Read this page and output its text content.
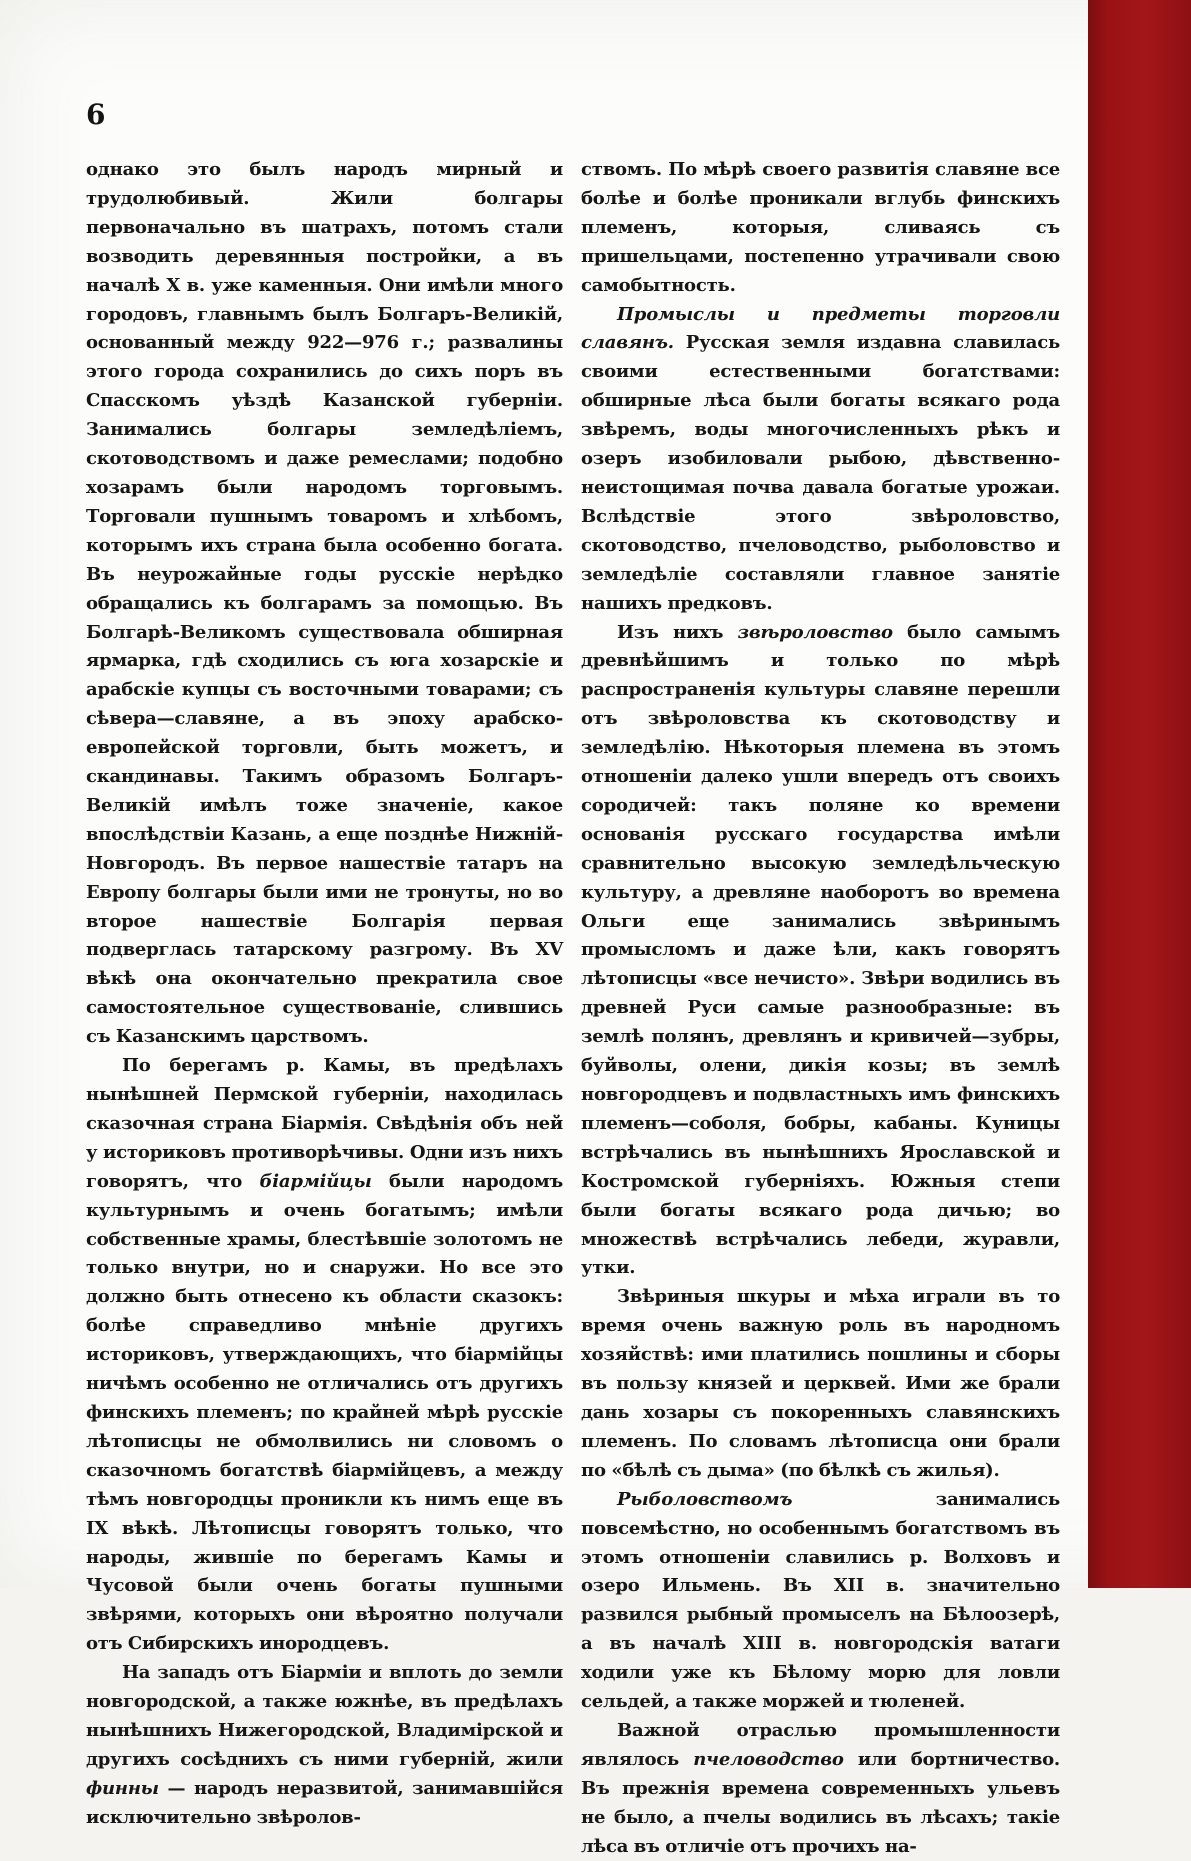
6

однако это былъ народъ мирный и трудолюбивый. Жили болгары первоначально въ шатрахъ, потомъ стали возводить деревянныя постройки, а въ началѣ X в. уже каменныя. Они имѣли много городовъ, главнымъ былъ Болгаръ-Великій, основанный между 922—976 г.; развалины этого города сохранились до сихъ поръ въ Спасскомъ уѣздѣ Казанской губерніи. Занимались болгары земледѣліемъ, скотоводствомъ и даже ремеслами; подобно хозарамъ были народомъ торговымъ. Торговали пушнымъ товаромъ и хлѣбомъ, которымъ ихъ страна была особенно богата. Въ неурожайные годы русскіе нерѣдко обращались къ болгарамъ за помощью. Въ Болгарѣ-Великомъ существовала обширная ярмарка, гдѣ сходились съ юга хозарскіе и арабскіе купцы съ восточными товарами; съ сѣвера—славяне, а въ эпоху арабско-европейской торговли, быть можетъ, и скандинавы. Такимъ образомъ Болгаръ-Великій имѣлъ тоже значеніе, какое впослѣдствіи Казань, а еще позднѣе Нижній-Новгородъ. Въ первое нашествіе татаръ на Европу болгары были ими не тронуты, но во второе нашествіе Болгарія первая подверглась татарскому разгрому. Въ XV вѣкѣ она окончательно прекратила свое самостоятельное существованіе, слившись съ Казанскимъ царствомъ.

По берегамъ р. Камы, въ предѣлахъ нынѣшней Пермской губерніи, находилась сказочная страна Біармія. Свѣдѣнія объ ней у историковъ противорѣчивы. Одни изъ нихъ говорятъ, что біармійцы были народомъ культурнымъ и очень богатымъ; имѣли собственные храмы, блестѣвшіе золотомъ не только внутри, но и снаружи. Но все это должно быть отнесено къ области сказокъ: болѣе справедливо мнѣніе другихъ историковъ, утверждающихъ, что біармійцы ничѣмъ особенно не отличались отъ другихъ финскихъ племенъ; по крайней мѣрѣ русскіе лѣтописцы не обмолвились ни словомъ о сказочномъ богатствѣ біармійцевъ, а между тѣмъ новгородцы проникли къ нимъ еще въ IX вѣкѣ. Лѣтописцы говорятъ только, что народы, жившіе по берегамъ Камы и Чусовой были очень богаты пушными звѣрями, которыхъ они вѣроятно получали отъ Сибирскихъ инородцевъ.

На западъ отъ Біарміи и вплоть до земли новгородской, а также южнѣе, въ предѣлахъ нынѣшнихъ Нижегородской, Владимірской и другихъ сосѣднихъ съ ними губерній, жили финны — народъ неразвитой, занимавшійся исключительно звѣролов-

ствомъ. По мѣрѣ своего развитія славяне все болѣе и болѣе проникали вглубь финскихъ племенъ, которыя, сливаясь съ пришельцами, постепенно утрачивали свою самобытность.

Промыслы и предметы торговли славянъ. Русская земля издавна славилась своими естественными богатствами: обширные лѣса были богаты всякаго рода звѣремъ, воды многочисленныхъ рѣкъ и озеръ изобиловали рыбою, дѣвственно-неистощимая почва давала богатые урожаи. Вслѣдствіе этого звѣроловство, скотоводство, пчеловодство, рыболовство и земледѣліе составляли главное занятіе нашихъ предковъ.

Изъ нихъ звѣроловство было самымъ древнѣйшимъ и только по мѣрѣ распространенія культуры славяне перешли отъ звѣроловства къ скотоводству и земледѣлію. Нѣкоторыя племена въ этомъ отношеніи далеко ушли впередъ отъ своихъ сородичей: такъ поляне ко времени основанія русскаго государства имѣли сравнительно высокую земледѣльческую культуру, а древляне наоборотъ во времена Ольги еще занимались звѣринымъ промысломъ и даже ѣли, какъ говорятъ лѣтописцы «все нечисто». Звѣри водились въ древней Руси самые разнообразные: въ землѣ полянъ, древлянъ и кривичей—зубры, буйволы, олени, дикія козы; въ землѣ новгородцевъ и подвластныхъ имъ финскихъ племенъ—соболя, бобры, кабаны. Куницы встрѣчались въ нынѣшнихъ Ярославской и Костромской губерніяхъ. Южныя степи были богаты всякаго рода дичью; во множествѣ встрѣчались лебеди, журавли, утки.

Звѣриныя шкуры и мѣха играли въ то время очень важную роль въ народномъ хозяйствѣ: ими платились пошлины и сборы въ пользу князей и церквей. Ими же брали дань хозары съ покоренныхъ славянскихъ племенъ. По словамъ лѣтописца они брали по «бѣлѣ съ дыма» (по бѣлкѣ съ жилья).

Рыболовствомъ занимались повсемѣстно, но особеннымъ богатствомъ въ этомъ отношеніи славились р. Волховъ и озеро Ильмень. Въ XII в. значительно развился рыбный промыселъ на Бѣлоозерѣ, а въ началѣ XIII в. новгородскія ватаги ходили уже къ Бѣлому морю для ловли сельдей, а также моржей и тюленей.

Важной отраслью промышленности являлось пчеловодство или бортничество. Въ прежнія времена современныхъ ульевъ не было, а пчелы водились въ лѣсахъ; такіе лѣса въ отличіе отъ прочихъ на-
